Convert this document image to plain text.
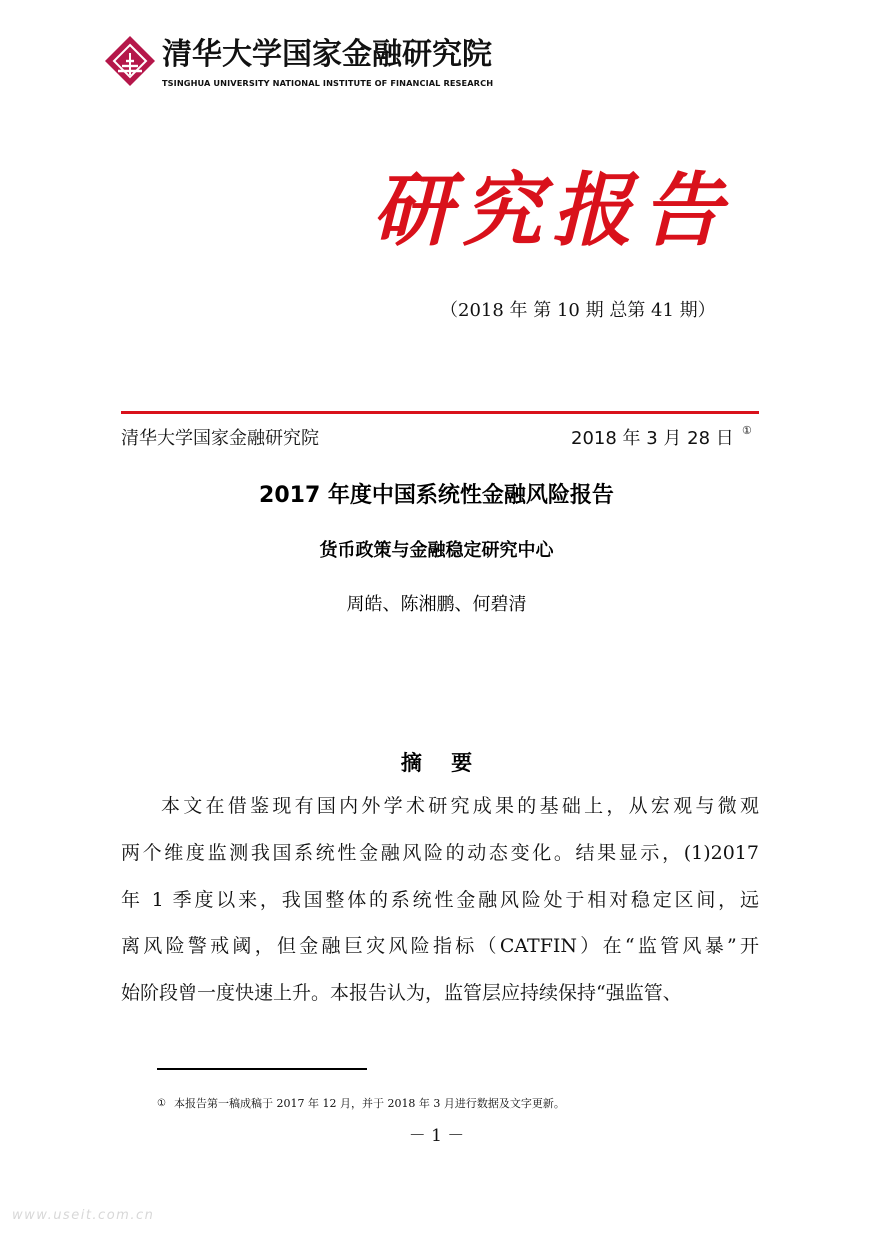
清华大学国家金融研究院
TSINGHUA UNIVERSITY NATIONAL INSTITUTE OF FINANCIAL RESEARCH
研究报告
（2018 年 第 10 期 总第 41 期）
清华大学国家金融研究院	2018 年 3 月 28 日 ①
2017 年度中国系统性金融风险报告
货币政策与金融稳定研究中心
周皓、陈湘鹏、何碧清
摘    要
本文在借鉴现有国内外学术研究成果的基础上，从宏观与微观
两个维度监测我国系统性金融风险的动态变化。结果显示，(1)2017
年 1 季度以来，我国整体的系统性金融风险处于相对稳定区间，远
离风险警戒阈，但金融巨灾风险指标（CATFIN）在“监管风暴”开
始阶段曾一度快速上升。本报告认为，监管层应持续保持“强监管、
① 本报告第一稿成稿于 2017 年 12 月，并于 2018 年 3 月进行数据及文字更新。
－ 1 －
www.useit.com.cn
